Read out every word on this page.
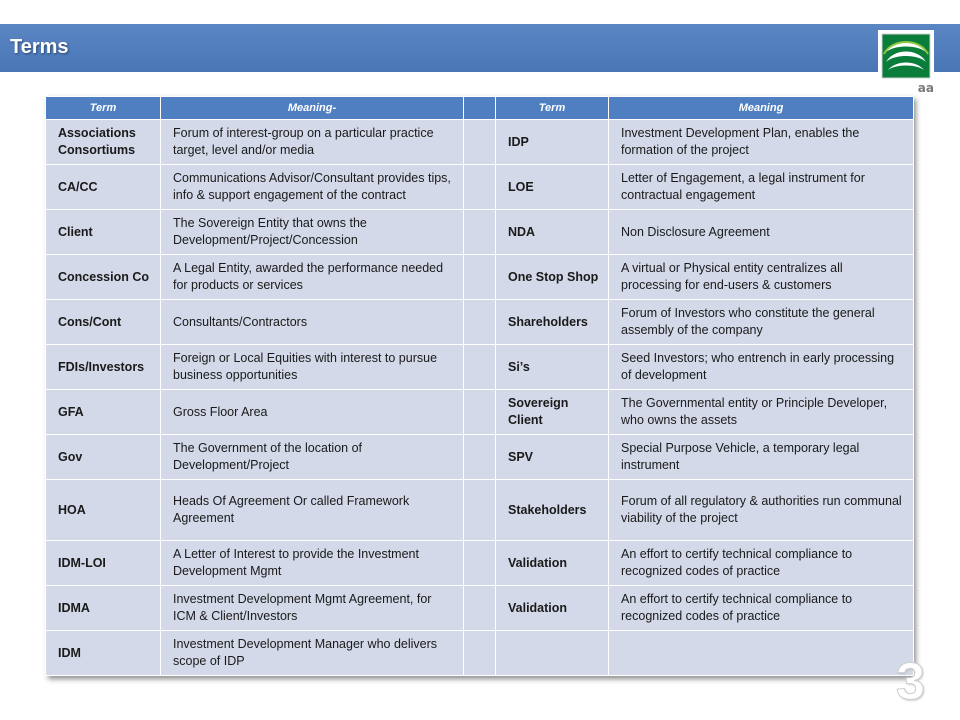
Terms
aa
Term	Meaning-		Term	Meaning
Associations Consortiums	Forum of interest-group on a particular practice target, level and/or media		IDP	Investment Development Plan, enables the formation of the project
CA/CC	Communications Advisor/Consultant provides tips, info & support engagement of the contract		LOE	Letter of Engagement, a legal instrument for contractual engagement
Client	The Sovereign Entity that owns the Development/Project/Concession		NDA	Non Disclosure Agreement
Concession Co	A Legal Entity, awarded the performance needed for products or services		One Stop Shop	A virtual or Physical entity centralizes all processing for end-users & customers
Cons/Cont	Consultants/Contractors		Shareholders	Forum of Investors who constitute the general assembly of the company
FDIs/Investors	Foreign or Local Equities with interest to pursue business opportunities		Si’s	Seed Investors; who entrench in early processing of development
GFA	Gross Floor Area		Sovereign Client	The Governmental entity or Principle Developer, who owns the assets
Gov	The Government of the location of Development/Project		SPV	Special Purpose Vehicle, a temporary legal instrument
HOA	Heads Of Agreement Or called Framework Agreement		Stakeholders	Forum of all regulatory & authorities run communal viability of the project
IDM-LOI	A Letter of Interest to provide the Investment Development Mgmt		Validation	An effort to certify technical compliance to recognized codes of practice
IDMA	Investment Development Mgmt Agreement, for ICM & Client/Investors		Validation	An effort to certify technical compliance to recognized codes of practice
IDM	Investment Development Manager who delivers scope of IDP				3
